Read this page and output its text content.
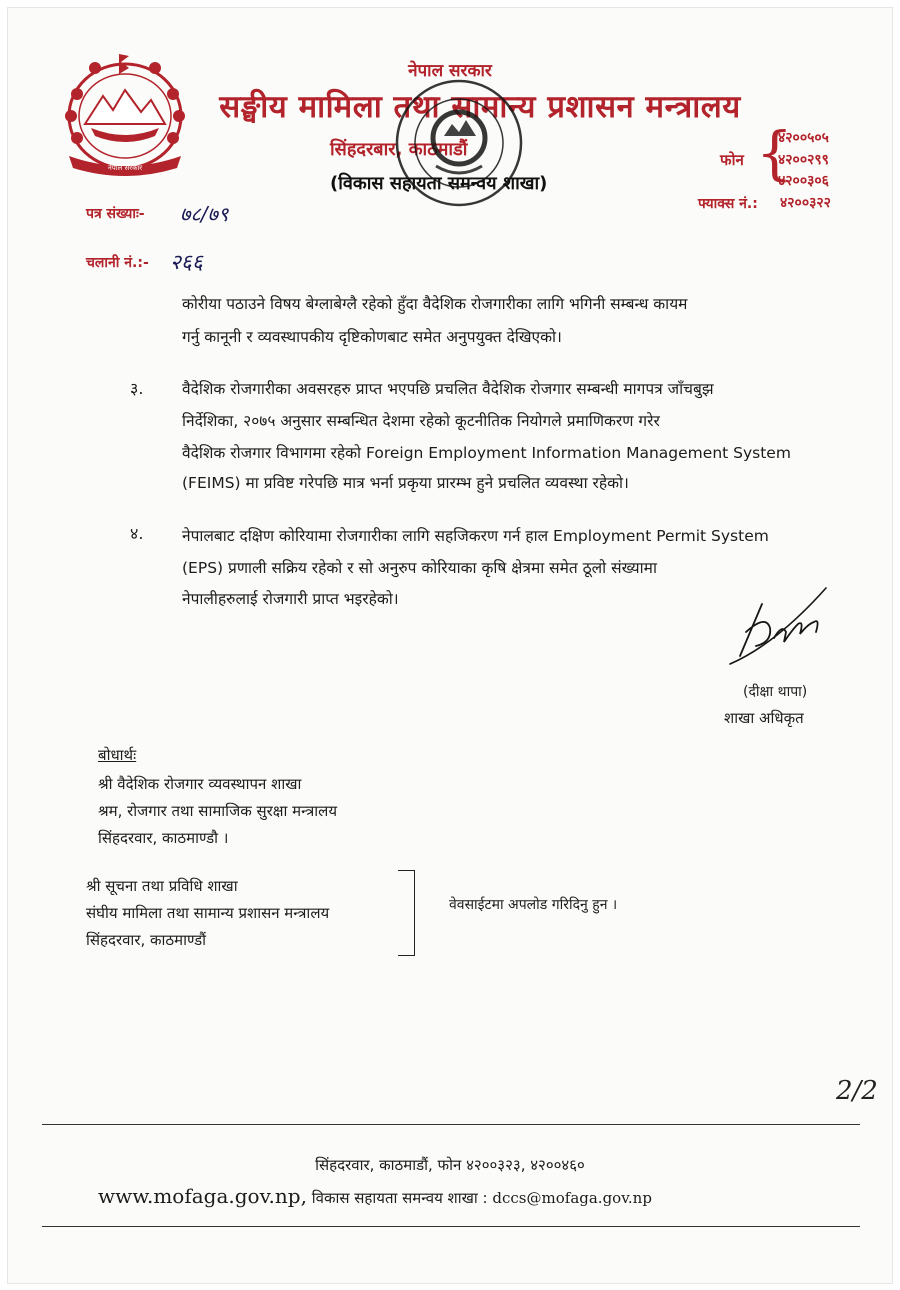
नेपाल सरकार
नेपाल सरकार
सङ्घीय मामिला तथा सामान्य प्रशासन मन्त्रालय
सिंहदरबार, काठमाडौं
(विकास सहायता समन्वय शाखा)
फोन {
४२००५०५
४२००२९९
४२००३०६
फ्याक्स नं.: ४२००३२२
पत्र संख्याः- ७८/७९
चलानी नं.:- २६६
कोरीया पठाउने विषय बेग्लाबेग्लै रहेको हुँदा वैदेशिक रोजगारीका लागि भगिनी सम्बन्ध कायम
गर्नु कानूनी र व्यवस्थापकीय दृष्टिकोणबाट समेत अनुपयुक्त देखिएको।
३. वैदेशिक रोजगारीका अवसरहरु प्राप्त भएपछि प्रचलित वैदेशिक रोजगार सम्बन्धी मागपत्र जाँचबुझ
निर्देशिका, २०७५ अनुसार सम्बन्धित देशमा रहेको कूटनीतिक नियोगले प्रमाणिकरण गरेर
वैदेशिक रोजगार विभागमा रहेको Foreign Employment Information Management System
(FEIMS) मा प्रविष्ट गरेपछि मात्र भर्ना प्रकृया प्रारम्भ हुने प्रचलित व्यवस्था रहेको।
४. नेपालबाट दक्षिण कोरियामा रोजगारीका लागि सहजिकरण गर्न हाल Employment Permit System
(EPS) प्रणाली सक्रिय रहेको र सो अनुरुप कोरियाका कृषि क्षेत्रमा समेत ठूलो संख्यामा
नेपालीहरुलाई रोजगारी प्राप्त भइरहेको।
(दीक्षा थापा)
शाखा अधिकृत
बोधार्थः
श्री वैदेशिक रोजगार व्यवस्थापन शाखा
श्रम, रोजगार तथा सामाजिक सुरक्षा मन्त्रालय
सिंहदरवार, काठमाण्डौ ।
श्री सूचना तथा प्रविधि शाखा
संघीय मामिला तथा सामान्य प्रशासन मन्त्रालय
सिंहदरवार, काठमाण्डौं
वेवसाईटमा अपलोड गरिदिनु हुन ।
2/2
सिंहदरवार, काठमाडौं, फोन ४२००३२३, ४२००४६०
www.mofaga.gov.np, विकास सहायता समन्वय शाखा : dccs@mofaga.gov.np
